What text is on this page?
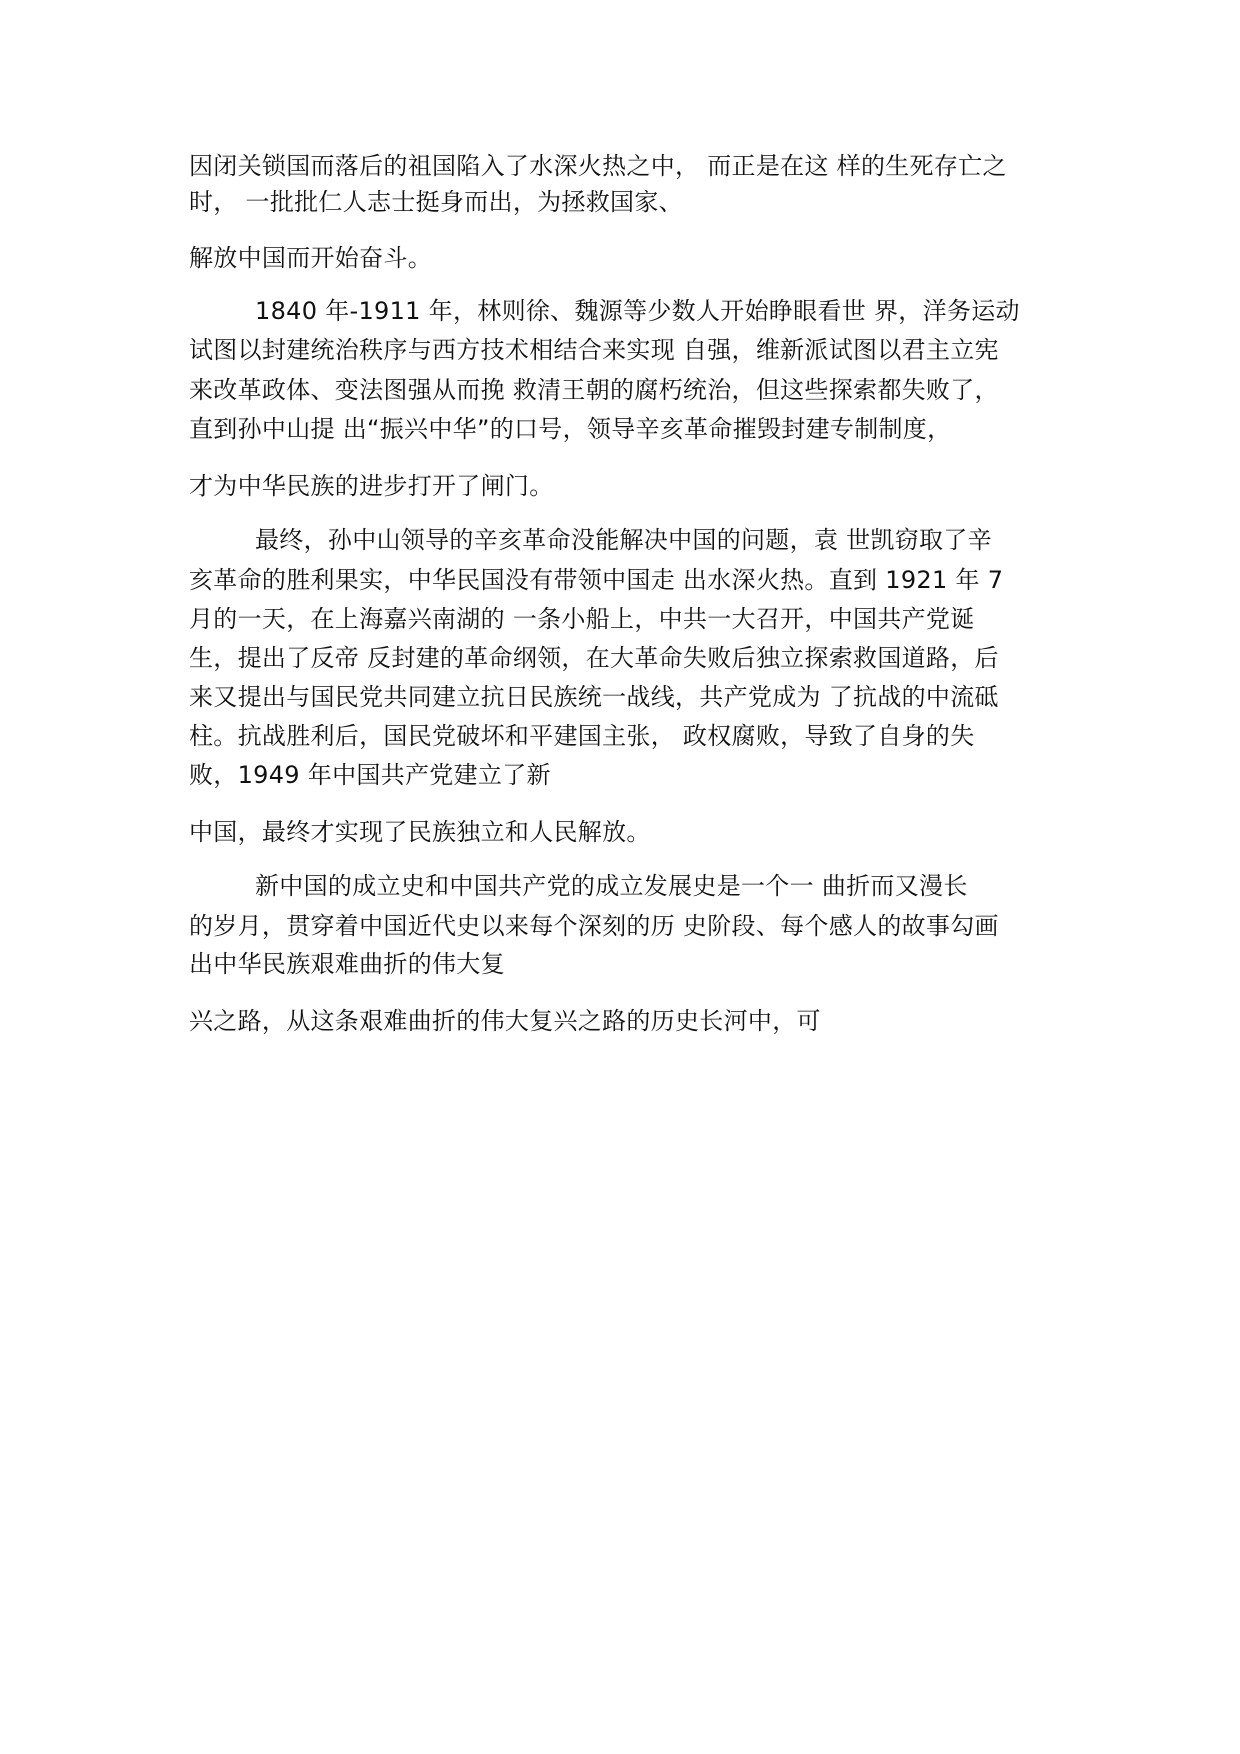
因闭关锁国而落后的祖国陷入了水深火热之中， 而正是在这 样的生死存亡之
时， 一批批仁人志士挺身而出，为拯救国家、
解放中国而开始奋斗。
1840 年-1911 年，林则徐、魏源等少数人开始睁眼看世 界，洋务运动
试图以封建统治秩序与西方技术相结合来实现 自强，维新派试图以君主立宪
来改革政体、变法图强从而挽 救清王朝的腐朽统治，但这些探索都失败了，
直到孙中山提 出“振兴中华”的口号，领导辛亥革命摧毁封建专制制度，
才为中华民族的进步打开了闸门。
最终，孙中山领导的辛亥革命没能解决中国的问题，袁 世凯窃取了辛
亥革命的胜利果实，中华民国没有带领中国走 出水深火热。直到 1921 年 7
月的一天，在上海嘉兴南湖的 一条小船上，中共一大召开，中国共产党诞
生，提出了反帝 反封建的革命纲领，在大革命失败后独立探索救国道路，后
来又提出与国民党共同建立抗日民族统一战线，共产党成为 了抗战的中流砥
柱。抗战胜利后，国民党破坏和平建国主张， 政权腐败，导致了自身的失
败，1949 年中国共产党建立了新
中国，最终才实现了民族独立和人民解放。
新中国的成立史和中国共产党的成立发展史是一个一 曲折而又漫长
的岁月，贯穿着中国近代史以来每个深刻的历 史阶段、每个感人的故事勾画
出中华民族艰难曲折的伟大复
兴之路，从这条艰难曲折的伟大复兴之路的历史长河中，可
